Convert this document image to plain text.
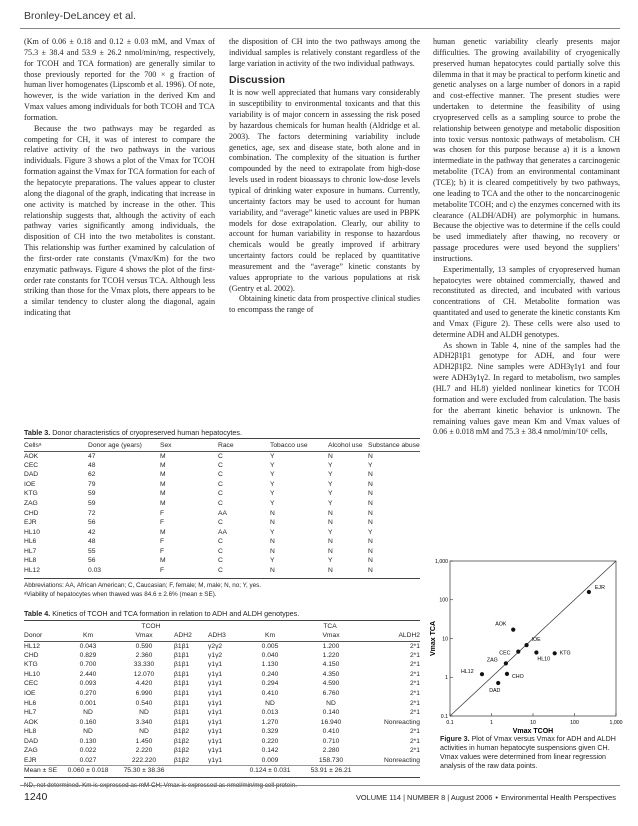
Bronley-DeLancey et al.

(Km of 0.06 ± 0.18 and 0.12 ± 0.03 mM, and Vmax of 75.3 ± 38.4 and 53.9 ± 26.2 nmol/min/mg, respectively, for TCOH and TCA formation) are generally similar to those previously reported for the 700 × g fraction of human liver homogenates (Lipscomb et al. 1996). Of note, however, is the wide variation in the derived Km and Vmax values among individuals for both TCOH and TCA formation.

Because the two pathways may be regarded as competing for CH, it was of interest to compare the relative activity of the two pathways in the various individuals. Figure 3 shows a plot of the Vmax for TCOH formation against the Vmax for TCA formation for each of the hepatocyte preparations. The values appear to cluster along the diagonal of the graph, indicating that increase in one activity is matched by increase in the other. This relationship suggests that, although the activity of each pathway varies significantly among individuals, the disposition of CH into the two metabolites is constant. This relationship was further examined by calculation of the first-order rate constants (Vmax/Km) for the two enzymatic pathways. Figure 4 shows the plot of the first-order rate constants for TCOH versus TCA. Although less striking than those for the Vmax plots, there appears to be a similar tendency to cluster along the diagonal, again indicating that

the disposition of CH into the two pathways among the individual samples is relatively constant regardless of the large variation in activity of the two individual pathways.

Discussion

It is now well appreciated that humans vary considerably in susceptibility to environmental toxicants and that this variability is of major concern in assessing the risk posed by hazardous chemicals for human health (Aldridge et al. 2003). The factors determining variability include genetics, age, sex and disease state, both alone and in combination. The complexity of the situation is further compounded by the need to extrapolate from high-dose levels used in rodent bioassays to chronic low-dose levels typical of drinking water exposure in humans. Currently, uncertainty factors may be used to account for human variability, and “average” kinetic values are used in PBPK models for dose extrapolation. Clearly, our ability to account for human variability in response to hazardous chemicals would be greatly improved if arbitrary uncertainty factors could be replaced by quantitative measurement and the “average” kinetic constants by values appropriate to the various populations at risk (Gentry et al. 2002).

Obtaining kinetic data from prospective clinical studies to encompass the range of

human genetic variability clearly presents major difficulties. The growing availability of cryogenically preserved human hepatocytes could partially solve this dilemma in that it may be practical to perform kinetic and genetic analyses on a large number of donors in a rapid and cost-effective manner. The present studies were undertaken to determine the feasibility of using cryopreserved cells as a sampling source to probe the relationship between genotype and metabolic disposition into toxic versus nontoxic pathways of metabolism. CH was chosen for this purpose because a) it is a known intermediate in the pathway that generates a carcinogenic metabolite (TCA) from an environmental contaminant (TCE); b) it is cleared competitively by two pathways, one leading to TCA and the other to the noncarcinogenic metabolite TCOH; and c) the enzymes concerned with its clearance (ALDH/ADH) are polymorphic in humans. Because the objective was to determine if the cells could be used immediately after thawing, no recovery or passage procedures were used beyond the suppliers’ instructions.

Experimentally, 13 samples of cryopreserved human hepatocytes were obtained commercially, thawed and reconstituted as directed, and incubated with various concentrations of CH. Metabolite formation was quantitated and used to generate the kinetic constants Km and Vmax (Figure 2). These cells were also used to determine ADH and ALDH genotypes.

As shown in Table 4, nine of the samples had the ADH2β1β1 genotype for ADH, and four were ADH2β1β2. Nine samples were ADH3γ1γ1 and four were ADH3γ1γ2. In regard to metabolism, two samples (HL7 and HL8) yielded nonlinear kinetics for TCOH formation and were excluded from calculation. The basis for the aberrant kinetic behavior is unknown. The remaining values gave mean Km and Vmax values of 0.06 ± 0.018 mM and 75.3 ± 38.4 nmol/min/10⁶ cells,

Table 3. Donor characteristics of cryopreserved human hepatocytes.
Cellsᵃ	Donor age (years)	Sex	Race	Tobacco use	Alcohol use	Substance abuse
AOK	47	M	C	Y	N	N
CEC	48	M	C	Y	Y	Y
DAD	62	M	C	Y	Y	N
IOE	79	M	C	Y	Y	N
KTG	59	M	C	Y	Y	N
ZAG	59	M	C	Y	Y	N
CHD	72	F	AA	N	N	N
EJR	56	F	C	N	N	N
HL10	42	M	AA	Y	Y	Y
HL6	48	F	C	N	N	N
HL7	55	F	C	N	N	N
HL8	56	M	C	Y	Y	N
HL12	0.03	F	C	N	N	N
Abbreviations: AA, African American; C, Caucasian; F, female; M, male; N, no; Y, yes.
ᵃViability of hepatocytes when thawed was 84.6 ± 2.6% (mean ± SE).
Table 4. Kinetics of TCOH and TCA formation in relation to ADH and ALDH genotypes.
	TCOH				TCA		
Donor	Km	Vmax	ADH2	ADH3	Km	Vmax	ALDH2
HL12	0.043	0.590	β1β1	γ2γ2	0.005	1.200	2*1
CHD	0.829	2.360	β1β1	γ1γ2	0.040	1.220	2*1
KTG	0.700	33.330	β1β1	γ1γ1	1.130	4.150	2*1
HL10	2.440	12.070	β1β1	γ1γ1	0.240	4.350	2*1
CEC	0.093	4.420	β1β1	γ1γ1	0.294	4.590	2*1
IOE	0.270	6.990	β1β1	γ1γ1	0.410	6.760	2*1
HL6	0.001	0.540	β1β1	γ1γ1	ND	ND	2*1
HL7	ND	ND	β1β1	γ1γ1	0.013	0.140	2*1
AOK	0.160	3.340	β1β1	γ1γ1	1.270	16.940	Nonreacting
HL8	ND	ND	β1β2	γ1γ1	0.329	0.410	2*1
DAD	0.130	1.450	β1β2	γ1γ1	0.220	0.710	2*1
ZAG	0.022	2.220	β1β2	γ1γ1	0.142	2.280	2*1
EJR	0.027	222.220	β1β2	γ1γ1	0.009	158.730	Nonreacting
Mean ± SE	0.060 ± 0.018	75.30 ± 38.36			0.124 ± 0.031	53.91 ± 26.21	
0.1	1	10	100	1,000
0.1
1
10
100
1,000
AOK
IOE
KTG
CEC
HL10
ZAG
HL12
CHO
DAD
EJR
Vmax TCOH
Vmax TCA
Figure 3. Plot of Vmax versus Vmax for ADH and ALDH activities in human hepatocyte suspensions given CH. Vmax values were determined from linear regression analysis of the raw data points.
1240	VOLUME 114 | NUMBER 8 | August 2006 • Environmental Health Perspectives
